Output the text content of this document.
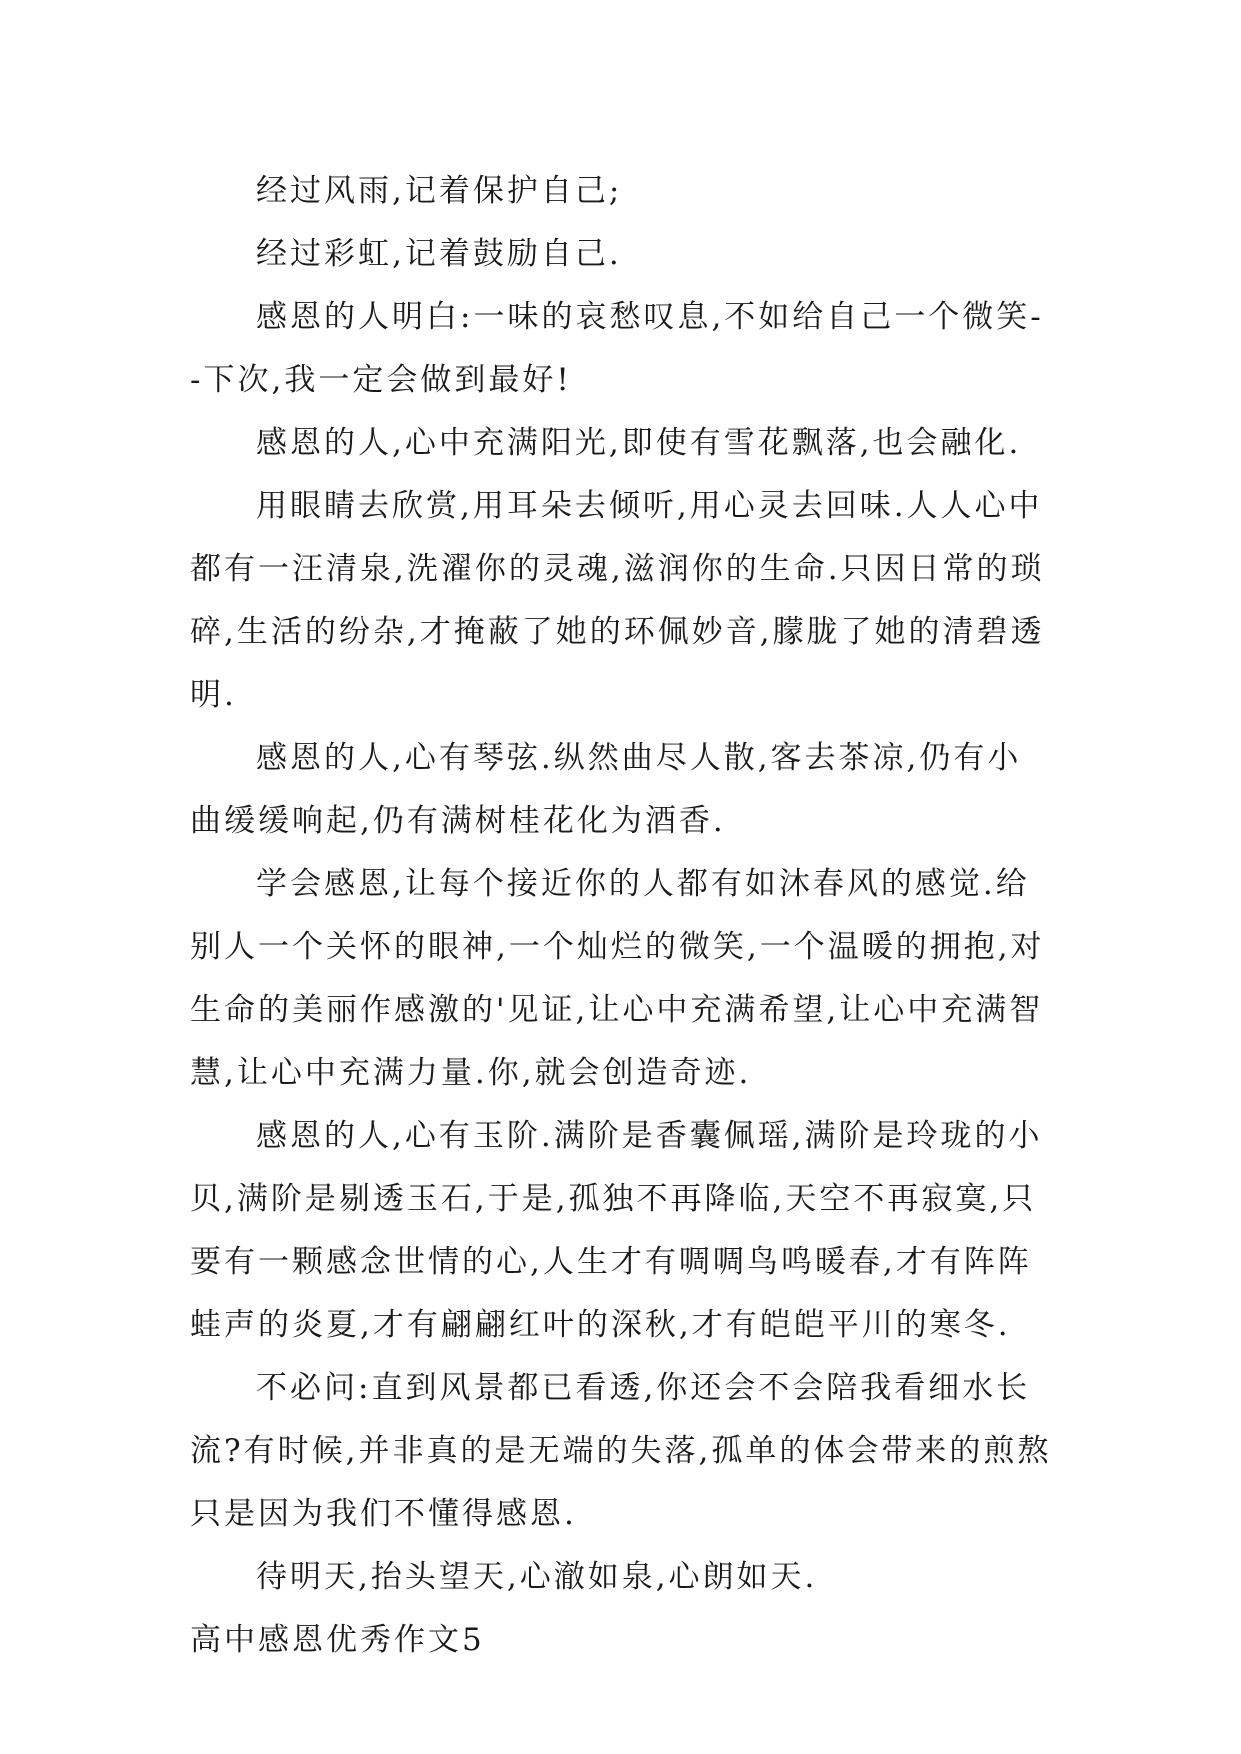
经过风雨,记着保护自己;

经过彩虹,记着鼓励自己.

感恩的人明白:一味的哀愁叹息,不如给自己一个微笑--下次,我一定会做到最好!

感恩的人,心中充满阳光,即使有雪花飘落,也会融化.

用眼睛去欣赏,用耳朵去倾听,用心灵去回味.人人心中都有一汪清泉,洗濯你的灵魂,滋润你的生命.只因日常的琐碎,生活的纷杂,才掩蔽了她的环佩妙音,朦胧了她的清碧透明.

感恩的人,心有琴弦.纵然曲尽人散,客去茶凉,仍有小曲缓缓响起,仍有满树桂花化为酒香.

学会感恩,让每个接近你的人都有如沐春风的感觉.给别人一个关怀的眼神,一个灿烂的微笑,一个温暖的拥抱,对生命的美丽作感激的'见证,让心中充满希望,让心中充满智慧,让心中充满力量.你,就会创造奇迹.

感恩的人,心有玉阶.满阶是香囊佩瑶,满阶是玲珑的小贝,满阶是剔透玉石,于是,孤独不再降临,天空不再寂寞,只要有一颗感念世情的心,人生才有啁啁鸟鸣暖春,才有阵阵蛙声的炎夏,才有翩翩红叶的深秋,才有皑皑平川的寒冬.

不必问:直到风景都已看透,你还会不会陪我看细水长流?有时候,并非真的是无端的失落,孤单的体会带来的煎熬只是因为我们不懂得感恩.

待明天,抬头望天,心澈如泉,心朗如天.

高中感恩优秀作文5
